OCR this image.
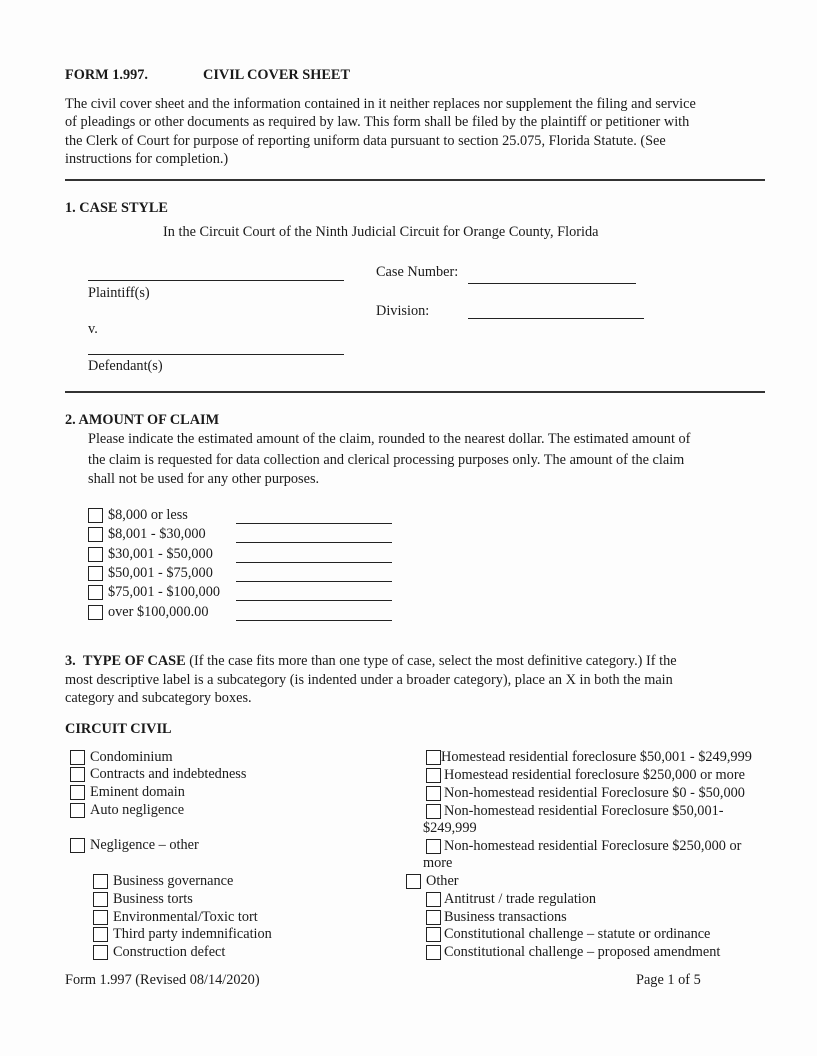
FORM 1.997.	CIVIL COVER SHEET
The civil cover sheet and the information contained in it neither replaces nor supplement the filing and service
of pleadings or other documents as required by law. This form shall be filed by the plaintiff or petitioner with
the Clerk of Court for purpose of reporting uniform data pursuant to section 25.075, Florida Statute. (See
instructions for completion.)
1. CASE STYLE
In the Circuit Court of the Ninth Judicial Circuit for Orange County, Florida
Plaintiff(s)
Case Number:
Division:
v.
Defendant(s)
2. AMOUNT OF CLAIM
Please indicate the estimated amount of the claim, rounded to the nearest dollar. The estimated amount of
the claim is requested for data collection and clerical processing purposes only. The amount of the claim
shall not be used for any other purposes.
3. TYPE OF CASE (If the case fits more than one type of case, select the most definitive category.) If the
most descriptive label is a subcategory (is indented under a broader category), place an X in both the main
category and subcategory boxes.
CIRCUIT CIVIL
Form 1.997 (Revised 08/14/2020)	Page 1 of 5
$8,000 or less
$8,001 - $30,000
$30,001 - $50,000
$50,001 - $75,000
$75,001 - $100,000
over $100,000.00
Condominium
Contracts and indebtedness
Eminent domain
Auto negligence
Negligence – other
Business governance
Business torts
Environmental/Toxic tort
Third party indemnification
Construction defect
Homestead residential foreclosure $50,001 - $249,999
Homestead residential foreclosure $250,000 or more
Non-homestead residential Foreclosure $0 - $50,000
Non-homestead residential Foreclosure $50,001-
$249,999
Non-homestead residential Foreclosure $250,000 or
more
Other
Antitrust / trade regulation
Business transactions
Constitutional challenge – statute or ordinance
Constitutional challenge – proposed amendment
